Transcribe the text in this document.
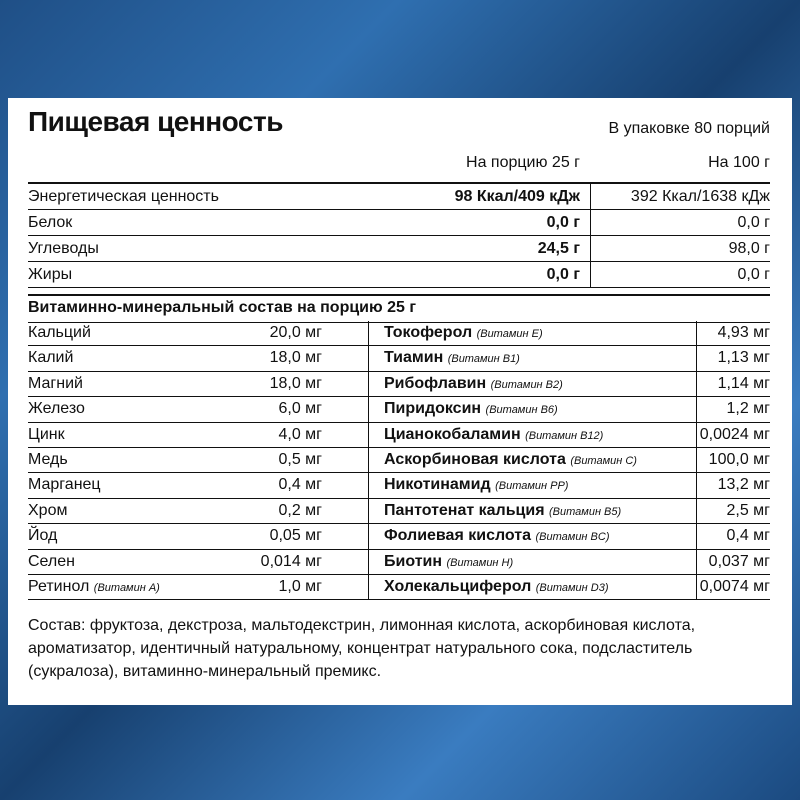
Пищевая ценность	В упаковке 80 порций
На порцию 25 г	На 100 г
Энергетическая ценность	98 Ккал/409 кДж	392 Ккал/1638 кДж
Белок	0,0 г	0,0 г
Углеводы	24,5 г	98,0 г
Жиры	0,0 г	0,0 г
Витаминно-минеральный состав на порцию 25 г
Кальций	20,0 мг	Токоферол (Витамин E)	4,93 мг
Калий	18,0 мг	Тиамин (Витамин B1)	1,13 мг
Магний	18,0 мг	Рибофлавин (Витамин B2)	1,14 мг
Железо	6,0 мг	Пиридоксин (Витамин B6)	1,2 мг
Цинк	4,0 мг	Цианокобаламин (Витамин B12)	0,0024 мг
Медь	0,5 мг	Аскорбиновая кислота (Витамин C)	100,0 мг
Марганец	0,4 мг	Никотинамид (Витамин PP)	13,2 мг
Хром	0,2 мг	Пантотенат кальция (Витамин B5)	2,5 мг
Йод	0,05 мг	Фолиевая кислота (Витамин BC)	0,4 мг
Селен	0,014 мг	Биотин (Витамин H)	0,037 мг
Ретинол (Витамин A)	1,0 мг	Холекальциферол (Витамин D3)	0,0074 мг
Состав: фруктоза, декстроза, мальтодекстрин, лимонная кислота, аскорбиновая кислота, ароматизатор, идентичный натуральному, концентрат натурального сока, подсластитель (сукралоза), витаминно-минеральный премикс.
